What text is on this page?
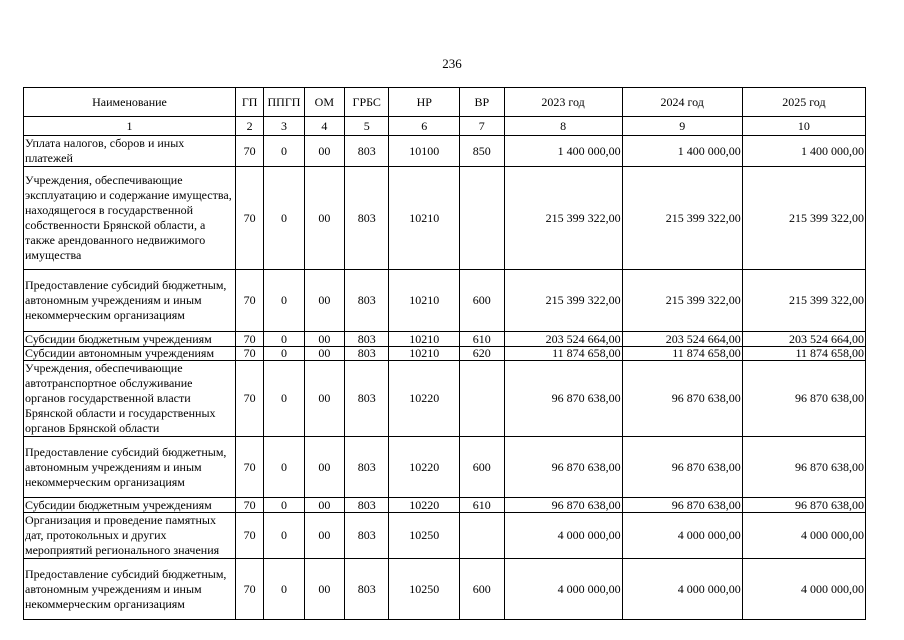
236
Наименование	ГП	ППГП	ОМ	ГРБС	НР	ВР	2023 год	2024 год	2025 год
1	2	3	4	5	6	7	8	9	10
Уплата налогов, сборов и иных платежей	70	0	00	803	10100	850	1 400 000,00	1 400 000,00	1 400 000,00
Учреждения, обеспечивающие эксплуатацию и содержание имущества, находящегося в государственной собственности Брянской области, а также арендованного недвижимого имущества	70	0	00	803	10210		215 399 322,00	215 399 322,00	215 399 322,00
Предоставление субсидий бюджетным, автономным учреждениям и иным некоммерческим организациям	70	0	00	803	10210	600	215 399 322,00	215 399 322,00	215 399 322,00
Субсидии бюджетным учреждениям	70	0	00	803	10210	610	203 524 664,00	203 524 664,00	203 524 664,00
Субсидии автономным учреждениям	70	0	00	803	10210	620	11 874 658,00	11 874 658,00	11 874 658,00
Учреждения, обеспечивающие автотранспортное обслуживание органов государственной власти Брянской области и государственных органов Брянской области	70	0	00	803	10220		96 870 638,00	96 870 638,00	96 870 638,00
Предоставление субсидий бюджетным, автономным учреждениям и иным некоммерческим организациям	70	0	00	803	10220	600	96 870 638,00	96 870 638,00	96 870 638,00
Субсидии бюджетным учреждениям	70	0	00	803	10220	610	96 870 638,00	96 870 638,00	96 870 638,00
Организация и проведение памятных дат, протокольных и других мероприятий регионального значения	70	0	00	803	10250		4 000 000,00	4 000 000,00	4 000 000,00
Предоставление субсидий бюджетным, автономным учреждениям и иным некоммерческим организациям	70	0	00	803	10250	600	4 000 000,00	4 000 000,00	4 000 000,00
